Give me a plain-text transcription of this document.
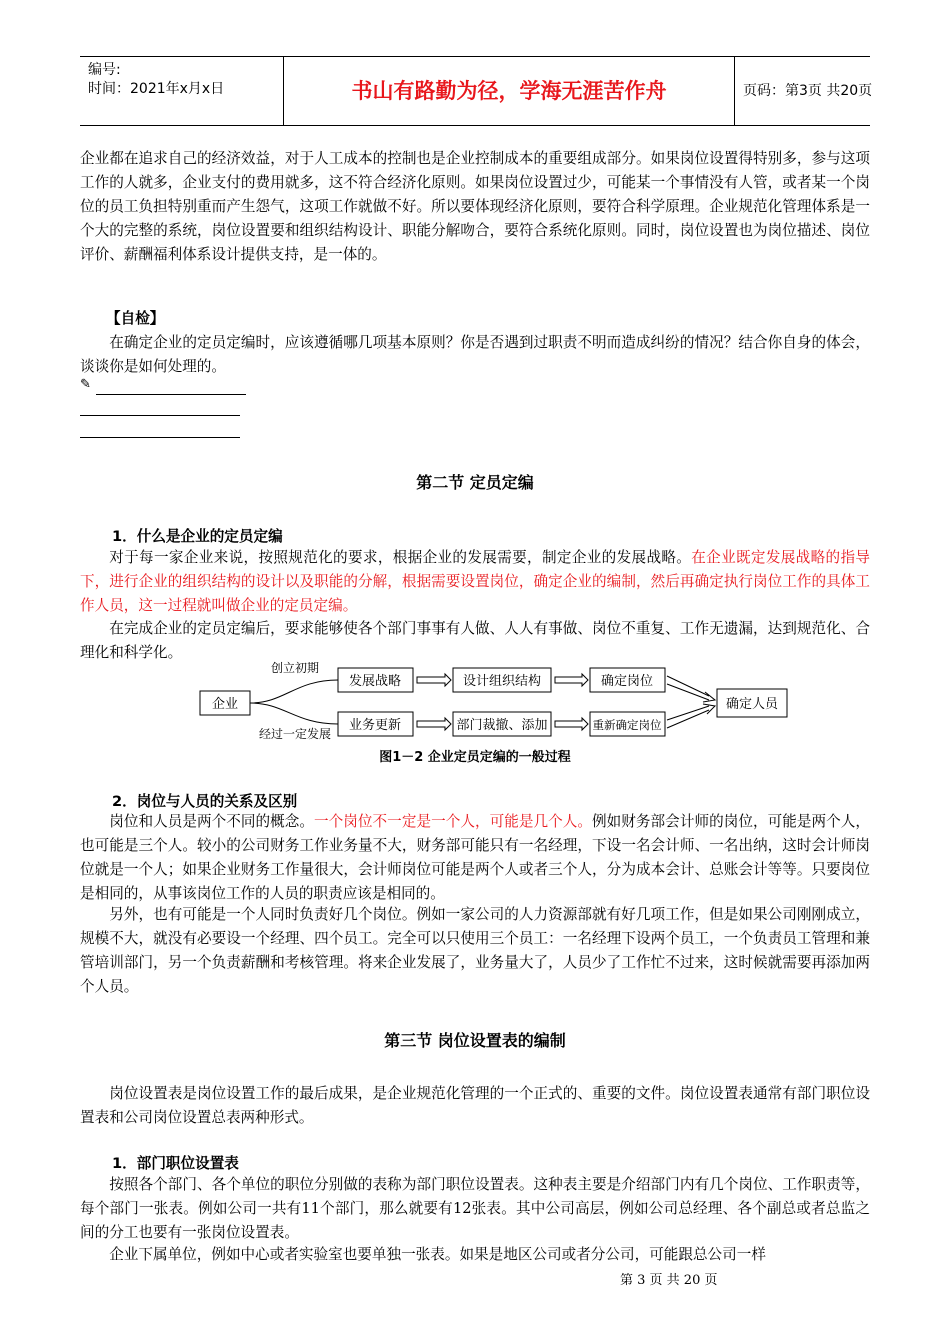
编号:
时间：2021年x月x日	书山有路勤为径，学海无涯苦作舟	页码：第3页 共20页
企业都在追求自己的经济效益，对于人工成本的控制也是企业控制成本的重要组成部分。如果岗位设置得特别多，参与这项工作的人就多，企业支付的费用就多，这不符合经济化原则。如果岗位设置过少，可能某一个事情没有人管，或者某一个岗位的员工负担特别重而产生怨气，这项工作就做不好。所以要体现经济化原则，要符合科学原理。企业规范化管理体系是一个大的完整的系统，岗位设置要和组织结构设计、职能分解吻合，要符合系统化原则。同时，岗位设置也为岗位描述、岗位评价、薪酬福利体系设计提供支持，是一体的。
【自检】
在确定企业的定员定编时，应该遵循哪几项基本原则？你是否遇到过职责不明而造成纠纷的情况？结合你自身的体会，谈谈你是如何处理的。
✎
第二节 定员定编
1．什么是企业的定员定编
对于每一家企业来说，按照规范化的要求，根据企业的发展需要，制定企业的发展战略。在企业既定发展战略的指导下，进行企业的组织结构的设计以及职能的分解，根据需要设置岗位，确定企业的编制，然后再确定执行岗位工作的具体工作人员，这一过程就叫做企业的定员定编。
在完成企业的定员定编后，要求能够使各个部门事事有人做、人人有事做、岗位不重复、工作无遗漏，达到规范化、合理化和科学化。
企业
创立初期
经过一定发展
发展战略	设计组织结构	确定岗位
业务更新	部门裁撤、添加	重新确定岗位
确定人员
图1－2 企业定员定编的一般过程
2．岗位与人员的关系及区别
岗位和人员是两个不同的概念。一个岗位不一定是一个人，可能是几个人。例如财务部会计师的岗位，可能是两个人，也可能是三个人。较小的公司财务工作业务量不大，财务部可能只有一名经理，下设一名会计师、一名出纳，这时会计师岗位就是一个人；如果企业财务工作量很大，会计师岗位可能是两个人或者三个人，分为成本会计、总账会计等等。只要岗位是相同的，从事该岗位工作的人员的职责应该是相同的。
另外，也有可能是一个人同时负责好几个岗位。例如一家公司的人力资源部就有好几项工作，但是如果公司刚刚成立，规模不大，就没有必要设一个经理、四个员工。完全可以只使用三个员工：一名经理下设两个员工，一个负责员工管理和兼管培训部门，另一个负责薪酬和考核管理。将来企业发展了，业务量大了，人员少了工作忙不过来，这时候就需要再添加两个人员。
第三节 岗位设置表的编制
岗位设置表是岗位设置工作的最后成果，是企业规范化管理的一个正式的、重要的文件。岗位设置表通常有部门职位设置表和公司岗位设置总表两种形式。
1．部门职位设置表
按照各个部门、各个单位的职位分别做的表称为部门职位设置表。这种表主要是介绍部门内有几个岗位、工作职责等，每个部门一张表。例如公司一共有11个部门，那么就要有12张表。其中公司高层，例如公司总经理、各个副总或者总监之间的分工也要有一张岗位设置表。
企业下属单位，例如中心或者实验室也要单独一张表。如果是地区公司或者分公司，可能跟总公司一样
第 3 页 共 20 页
